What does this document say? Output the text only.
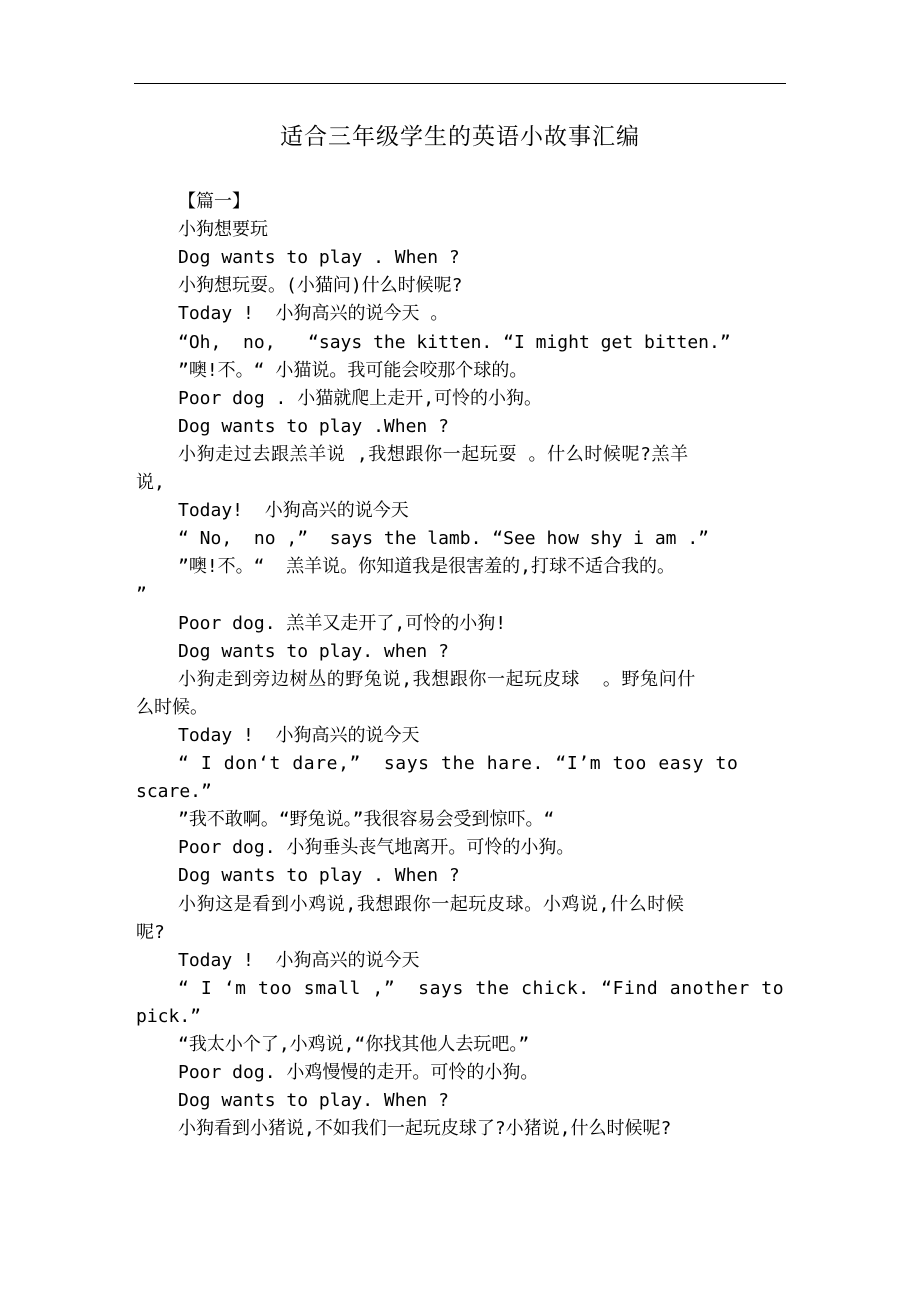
适合三年级学生的英语小故事汇编
【篇一】
小狗想要玩
Dog wants to play . When ?
小狗想玩耍。(小猫问)什么时候呢?
Today !  小狗高兴的说今天 。
“Oh,  no,   “says the kitten. “I might get bitten.”
”噢!不。“ 小猫说。我可能会咬那个球的。
Poor dog . 小猫就爬上走开,可怜的小狗。
Dog wants to play .When ?
小狗走过去跟羔羊说 ,我想跟你一起玩耍 。什么时候呢?羔羊
说,
Today!  小狗高兴的说今天
“ No,  no ,”  says the lamb. “See how shy i am .”
”噢!不。“  羔羊说。你知道我是很害羞的,打球不适合我的。
”
Poor dog. 羔羊又走开了,可怜的小狗!
Dog wants to play. when ?
小狗走到旁边树丛的野兔说,我想跟你一起玩皮球  。野兔问什
么时候。
Today !  小狗高兴的说今天
“ I don‘t dare,”  says the hare. “I’m too easy to
scare.”
”我不敢啊。“野兔说。”我很容易会受到惊吓。“
Poor dog. 小狗垂头丧气地离开。可怜的小狗。
Dog wants to play . When ?
小狗这是看到小鸡说,我想跟你一起玩皮球。小鸡说,什么时候
呢?
Today !  小狗高兴的说今天
“ I ‘m too small ,”  says the chick. “Find another to
pick.”
“我太小个了,小鸡说,“你找其他人去玩吧。”
Poor dog. 小鸡慢慢的走开。可怜的小狗。
Dog wants to play. When ?
小狗看到小猪说,不如我们一起玩皮球了?小猪说,什么时候呢?
